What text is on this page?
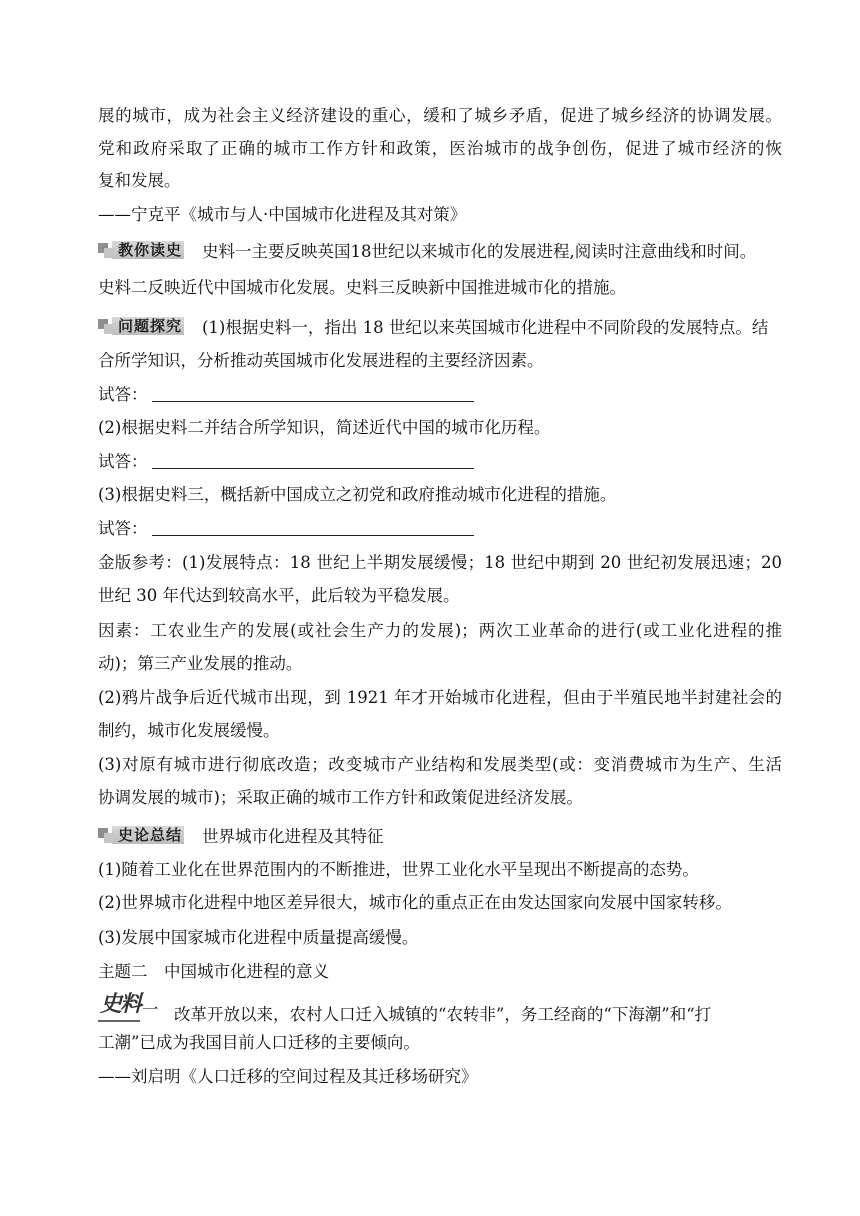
展的城市，成为社会主义经济建设的重心，缓和了城乡矛盾，促进了城乡经济的协调发展。
党和政府采取了正确的城市工作方针和政策，医治城市的战争创伤，促进了城市经济的恢
复和发展。
——宁克平《城市与人·中国城市化进程及其对策》
教你读史 史料一主要反映英国18世纪以来城市化的发展进程,阅读时注意曲线和时间。
史料二反映近代中国城市化发展。史料三反映新中国推进城市化的措施。
问题探究 (1)根据史料一，指出 18 世纪以来英国城市化进程中不同阶段的发展特点。结
合所学知识，分析推动英国城市化发展进程的主要经济因素。
试答：
(2)根据史料二并结合所学知识，简述近代中国的城市化历程。
试答：
(3)根据史料三，概括新中国成立之初党和政府推动城市化进程的措施。
试答：
金版参考：(1)发展特点：18 世纪上半期发展缓慢；18 世纪中期到 20 世纪初发展迅速；20
世纪 30 年代达到较高水平，此后较为平稳发展。
因素：工农业生产的发展(或社会生产力的发展)；两次工业革命的进行(或工业化进程的推
动)；第三产业发展的推动。
(2)鸦片战争后近代城市出现，到 1921 年才开始城市化进程，但由于半殖民地半封建社会的
制约，城市化发展缓慢。
(3)对原有城市进行彻底改造；改变城市产业结构和发展类型(或：变消费城市为生产、生活
协调发展的城市)；采取正确的城市工作方针和政策促进经济发展。
史论总结 世界城市化进程及其特征
(1)随着工业化在世界范围内的不断推进，世界工业化水平呈现出不断提高的态势。
(2)世界城市化进程中地区差异很大，城市化的重点正在由发达国家向发展中国家转移。
(3)发展中国家城市化进程中质量提高缓慢。
主题二　中国城市化进程的意义
史料 一 改革开放以来，农村人口迁入城镇的“农转非”，务工经商的“下海潮”和“打
工潮”已成为我国目前人口迁移的主要倾向。
——刘启明《人口迁移的空间过程及其迁移场研究》
